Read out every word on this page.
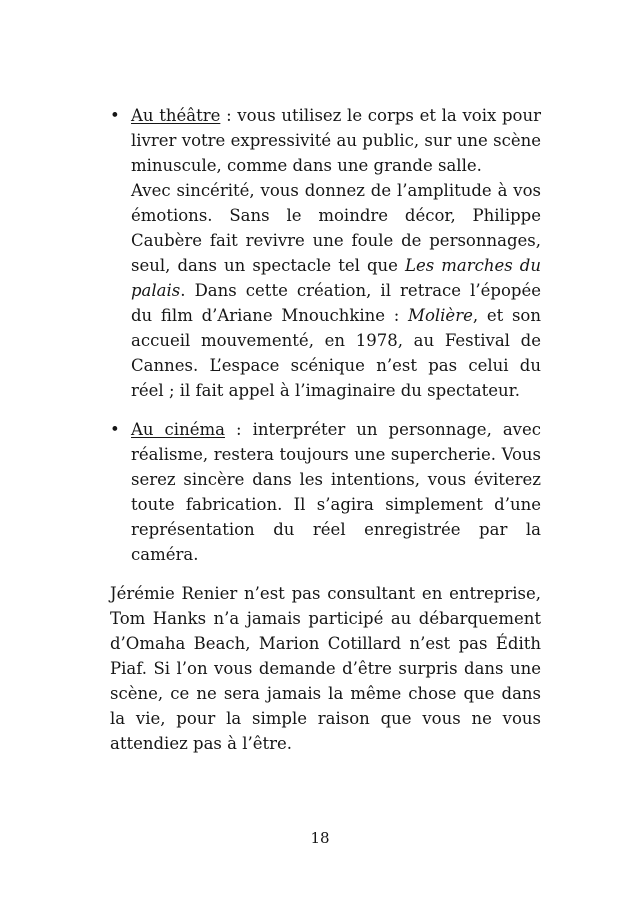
• Au théâtre : vous utilisez le corps et la voix pour livrer votre expressivité au public, sur une scène minuscule, comme dans une grande salle.

Avec sincérité, vous donnez de l’amplitude à vos émotions. Sans le moindre décor, Philippe Caubère fait revivre une foule de personnages, seul, dans un spectacle tel que Les marches du palais. Dans cette création, il retrace l’épopée du film d’Ariane Mnouchkine : Molière, et son accueil mouvementé, en 1978, au Festival de Cannes. L’espace scénique n’est pas celui du réel ; il fait appel à l’imaginaire du spectateur.

• Au cinéma : interpréter un personnage, avec réalisme, restera toujours une supercherie. Vous serez sincère dans les intentions, vous éviterez toute fabrication. Il s’agira simplement d’une représentation du réel enregistrée par la caméra.

Jérémie Renier n’est pas consultant en entreprise, Tom Hanks n’a jamais participé au débarquement d’Omaha Beach, Marion Cotillard n’est pas Édith Piaf. Si l’on vous demande d’être surpris dans une scène, ce ne sera jamais la même chose que dans la vie, pour la simple raison que vous ne vous attendiez pas à l’être.

18
